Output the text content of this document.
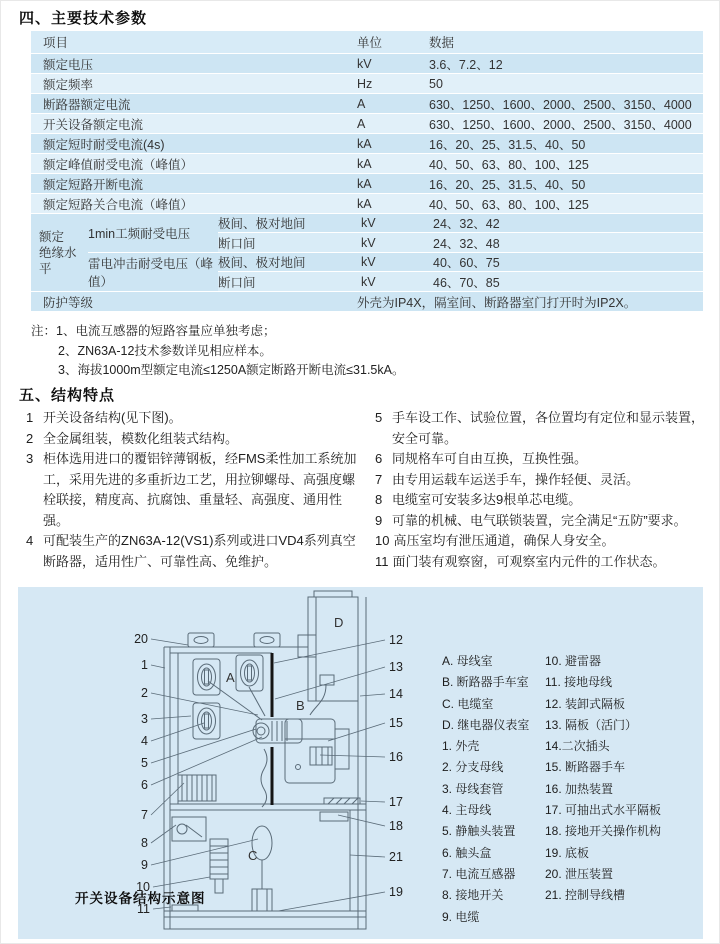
四、主要技术参数
项目	单位	数据
额定电压	kV	3.6、7.2、12
额定频率	Hz	50
断路器额定电流	A	630、1250、1600、2000、2500、3150、4000
开关设备额定电流	A	630、1250、1600、2000、2500、3150、4000
额定短时耐受电流(4s)	kA	16、20、25、31.5、40、50
额定峰值耐受电流（峰值）	kA	40、50、63、80、100、125
额定短路开断电流	kA	16、20、25、31.5、40、50
额定短路关合电流（峰值）	kA	40、50、63、80、100、125
额定
绝缘水平
1min工频耐受电压
极间、极对地间	kV	24、32、42
断口间	kV	24、32、48
雷电冲击耐受电压（峰值）
极间、极对地间	kV	40、60、75
断口间	kV	46、70、85
防护等级	外壳为IP4X，隔室间、断路器室门打开时为IP2X。
注：1、电流互感器的短路容量应单独考虑；
2、ZN63A-12技术参数详见相应样本。
3、海拔1000m型额定电流≤1250A额定断路开断电流≤31.5kA。
五、结构特点
1 开关设备结构(见下图)。
2 全金属组装，模数化组装式结构。
3 柜体选用进口的覆铝锌薄钢板，经FMS柔性加工系统加工，采用先进的多重折边工艺，用拉铆螺母、高强度螺栓联接，精度高、抗腐蚀、重量轻、高强度、通用性强。
4 可配装生产的ZN63A-12(VS1)系列或进口VD4系列真空断路器，适用性广、可靠性高、免维护。
5 手车设工作、试验位置，各位置均有定位和显示装置，安全可靠。
6 同规格车可自由互换，互换性强。
7 由专用运载车运送手车，操作轻便、灵活。
8 电缆室可安装多达9根单芯电缆。
9 可靠的机械、电气联锁装置，完全满足“五防”要求。
10 高压室均有泄压通道，确保人身安全。
11 面门装有观察窗，可观察室内元件的工作状态。
A
B
C
D
20
1
2
3
4
5
6
7
8
9
10
11
12
13
14
15
16
17
18
21
19
A. 母线室
B. 断路器手车室
C. 电缆室
D. 继电器仪表室
1. 外壳
2. 分支母线
3. 母线套管
4. 主母线
5. 静触头装置
6. 触头盒
7. 电流互感器
8. 接地开关
9. 电缆
10. 避雷器
11. 接地母线
12. 装卸式隔板
13. 隔板（活门）
14.二次插头
15. 断路器手车
16. 加热装置
17. 可抽出式水平隔板
18. 接地开关操作机构
19. 底板
20. 泄压装置
21. 控制导线槽
开关设备结构示意图
